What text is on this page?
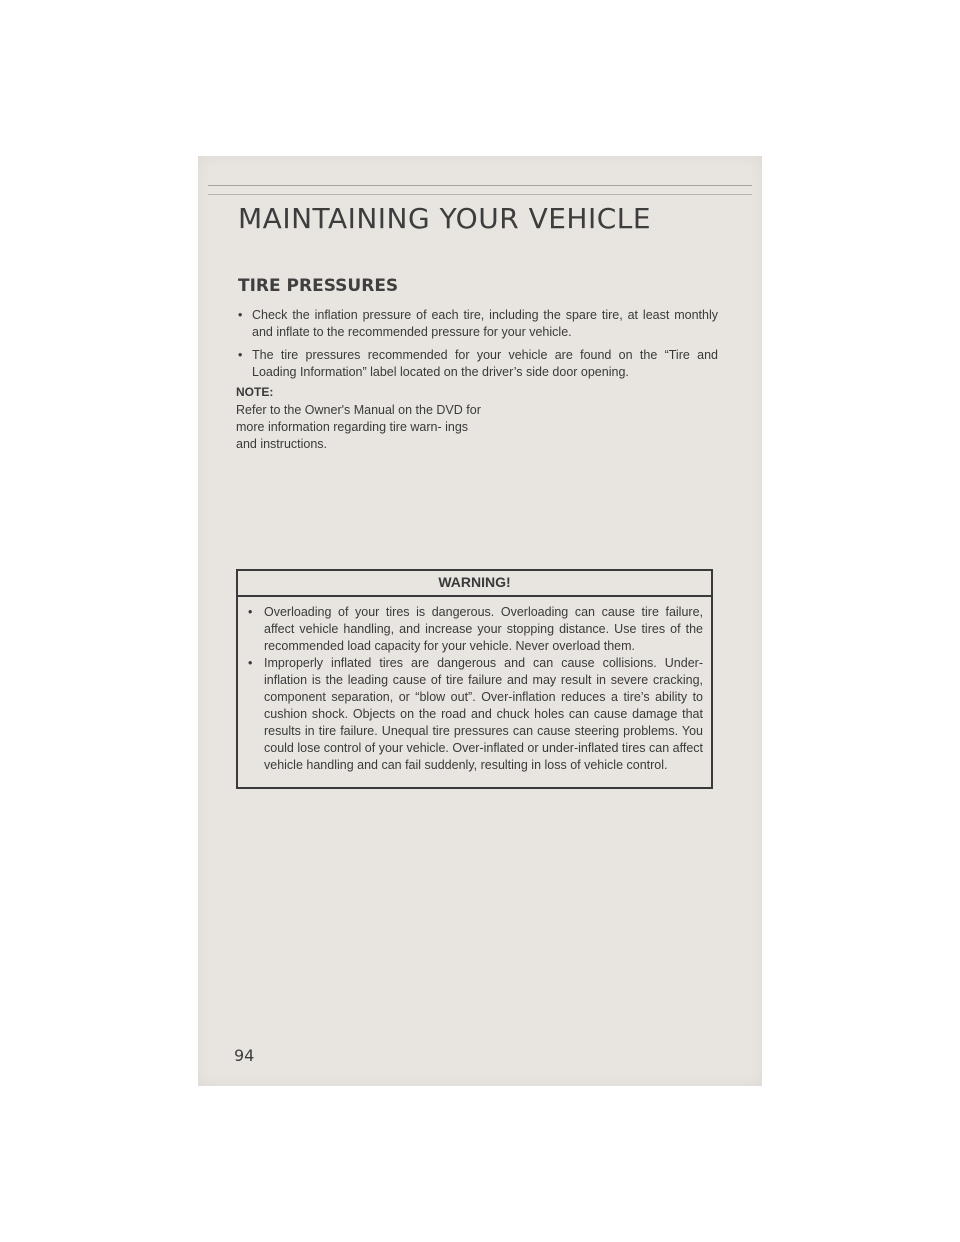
MAINTAINING YOUR VEHICLE
TIRE PRESSURES
• Check the inflation pressure of each tire, including the spare tire, at least monthly and inflate to the recommended pressure for your vehicle.
• The tire pressures recommended for your vehicle are found on the “Tire and Loading Information” label located on the driver’s side door opening.
NOTE:

Refer to the Owner's Manual on the DVD for more information regarding tire warn- ings and instructions.

WARNING!
• Overloading of your tires is dangerous. Overloading can cause tire failure, affect vehicle handling, and increase your stopping distance. Use tires of the recommended load capacity for your vehicle. Never overload them.
• Improperly inflated tires are dangerous and can cause collisions. Under- inflation is the leading cause of tire failure and may result in severe cracking, component separation, or “blow out”. Over-inflation reduces a tire’s ability to cushion shock. Objects on the road and chuck holes can cause damage that results in tire failure. Unequal tire pressures can cause steering problems. You could lose control of your vehicle. Over-inflated or under-inflated tires can affect vehicle handling and can fail suddenly, resulting in loss of vehicle control.
94
